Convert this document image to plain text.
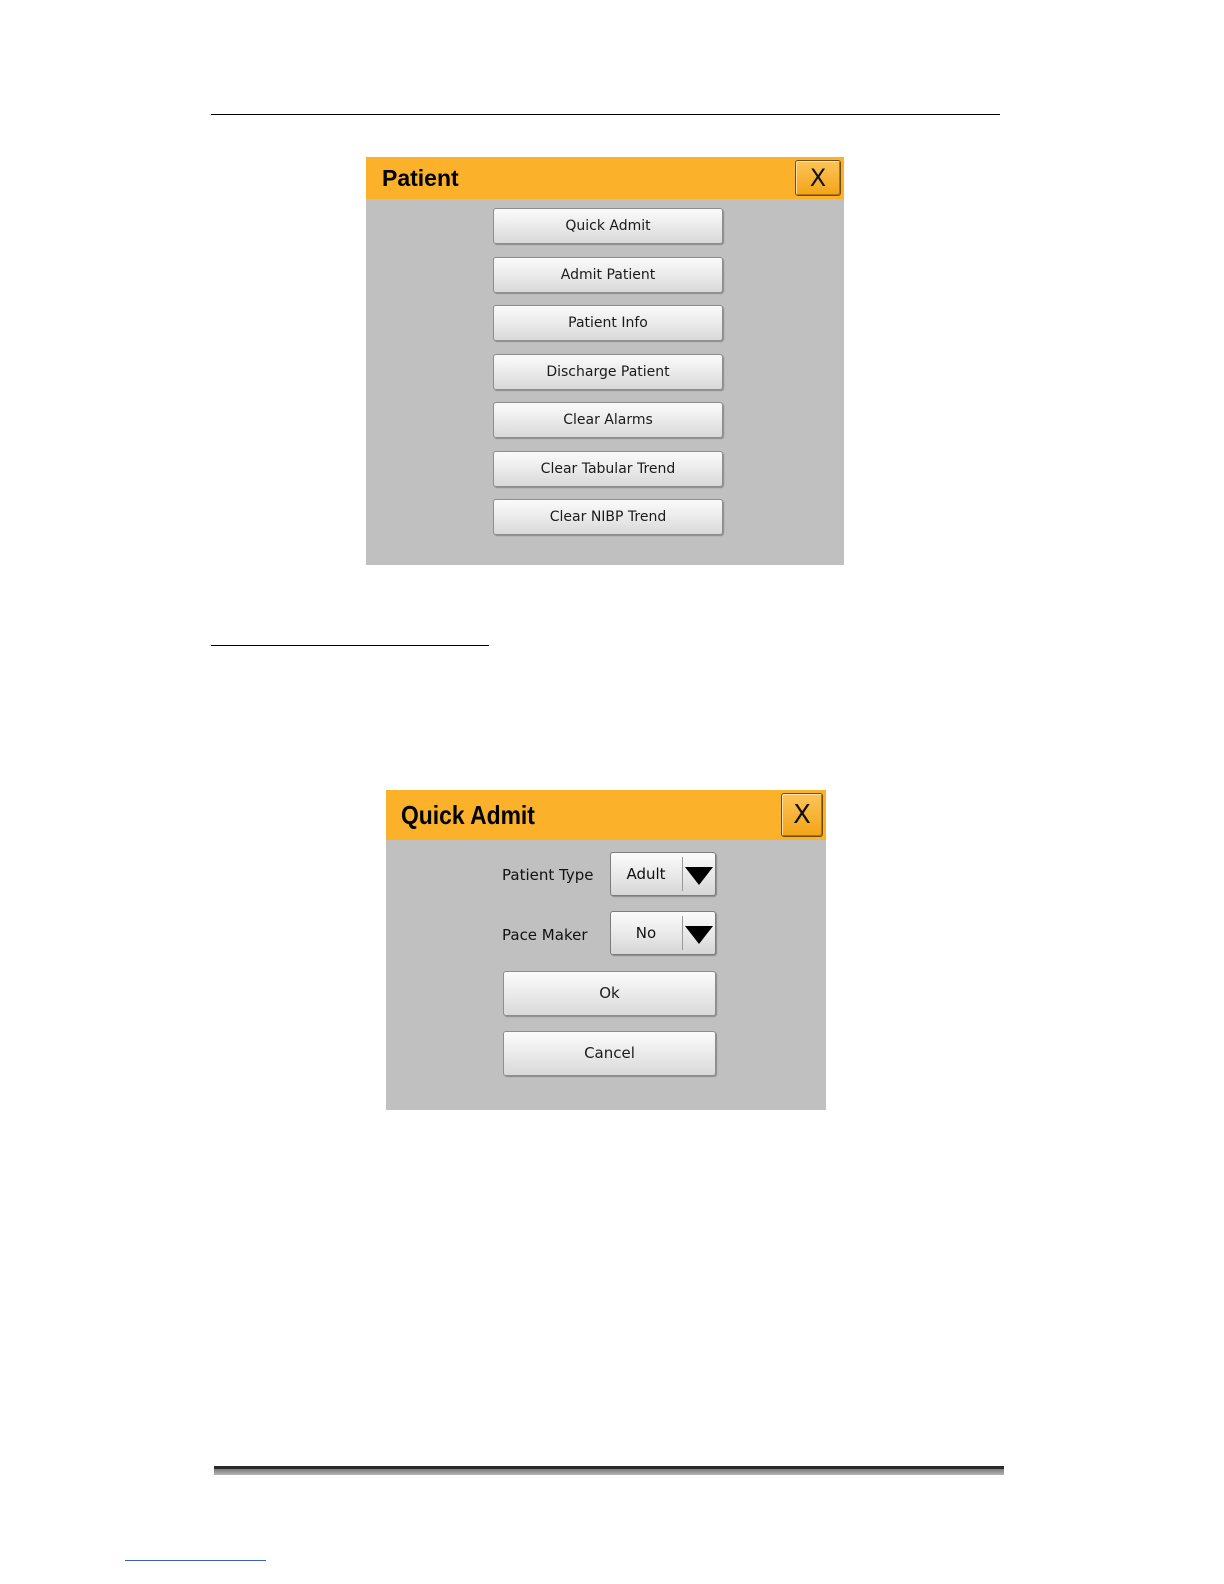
Patient	X
Quick Admit
Admit Patient
Patient Info
Discharge Patient
Clear Alarms
Clear Tabular Trend
Clear NIBP Trend
Quick Admit	X
Patient Type	Adult
Pace Maker	No
Ok
Cancel
